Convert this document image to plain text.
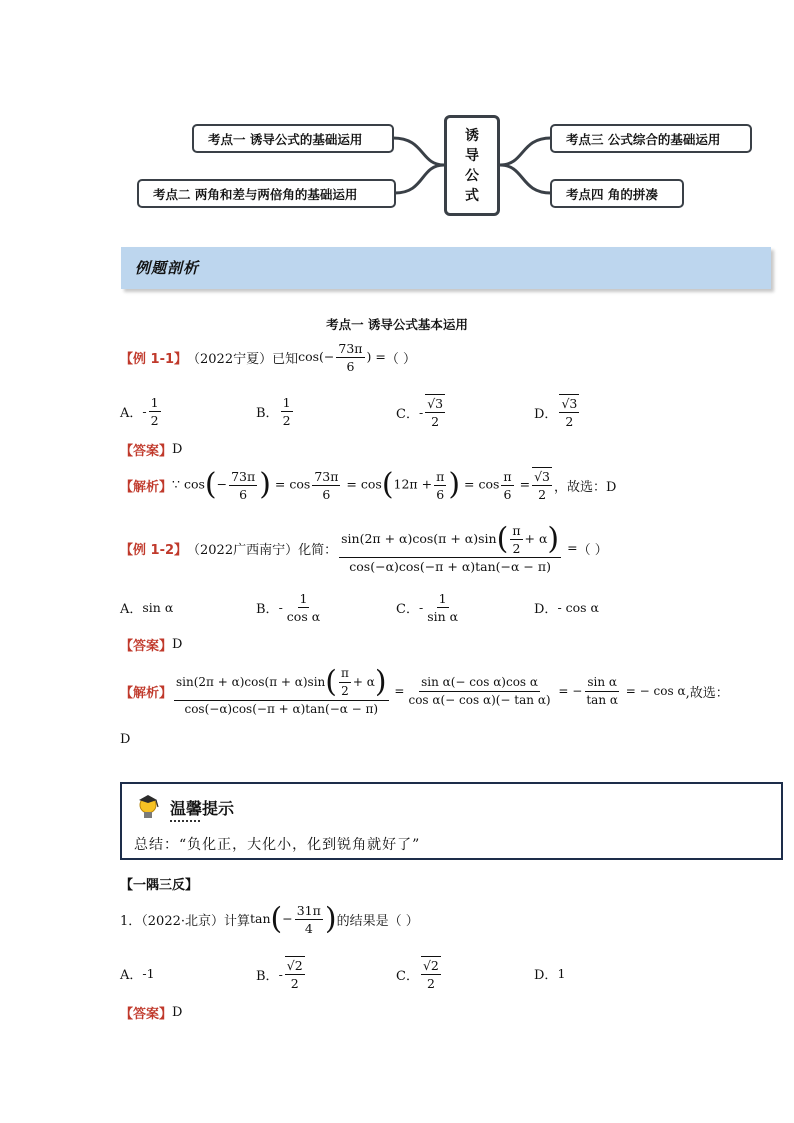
考点一 诱导公式的基础运用
考点二 两角和差与两倍角的基础运用
考点三 公式综合的基础运用
考点四 角的拼凑
诱
导
公
式
例题剖析
考点一 诱导公式基本运用
【例 1-1】 （2022宁夏）已知 $\cos(- \frac{73\pi}{6}$ ) = （ ）
A． - $\frac{1}{2}$	B． $\frac{1}{2}$	C． - $\frac{√3}{2}$	D． $\frac{√3}{2}$
【答案】 D
【解析】 ∵ $\cos(- \frac{73\pi}{6}$ ) = $\cos \frac{73\pi}{6} = \cos(12\pi + \frac{\pi}{6}$ ) = $\cos \frac{\pi}{6} = \frac{√3}{2}$ ，故选：D
【例 1-2】 （2022广西南宁）化简： $\frac{\sin(2\pi + \alpha)\cos(\pi + \alpha)\sin( \frac{\pi}{2} + \alpha)}{\cos(-\alpha)\cos(-\pi + \alpha)\tan(-\alpha - \pi)}$ = （ ）
A． sin α	B． - $\frac{1}{\text{cos α}}$	C． - $\frac{1}{\text{sin α}}$	D． - cos α
【答案】 D
【解析】 $\frac{\sin(2\pi + \alpha)\cos(\pi + \alpha)\sin( \frac{\pi}{2} + \alpha)}{\cos(-\alpha)\cos(-\pi + \alpha)\tan(-\alpha - \pi)} = \frac{\text{sin α(− cos α)cos α}}{\text{cos α(− cos α)(− tan α)}}$ = − $\frac{\text{sin α}}{\text{tan α}}$ = − cos α ,故选：
D
温馨提示
总结：“负化正，大化小，化到锐角就好了”
【一隅三反】
1．（2022·北京）计算 $\tan(- \frac{31\pi}{4}$ ) 的结果是（ ）
A． -1	B． - $\frac{√2}{2}$	C． $\frac{√2}{2}$	D． 1
【答案】 D
